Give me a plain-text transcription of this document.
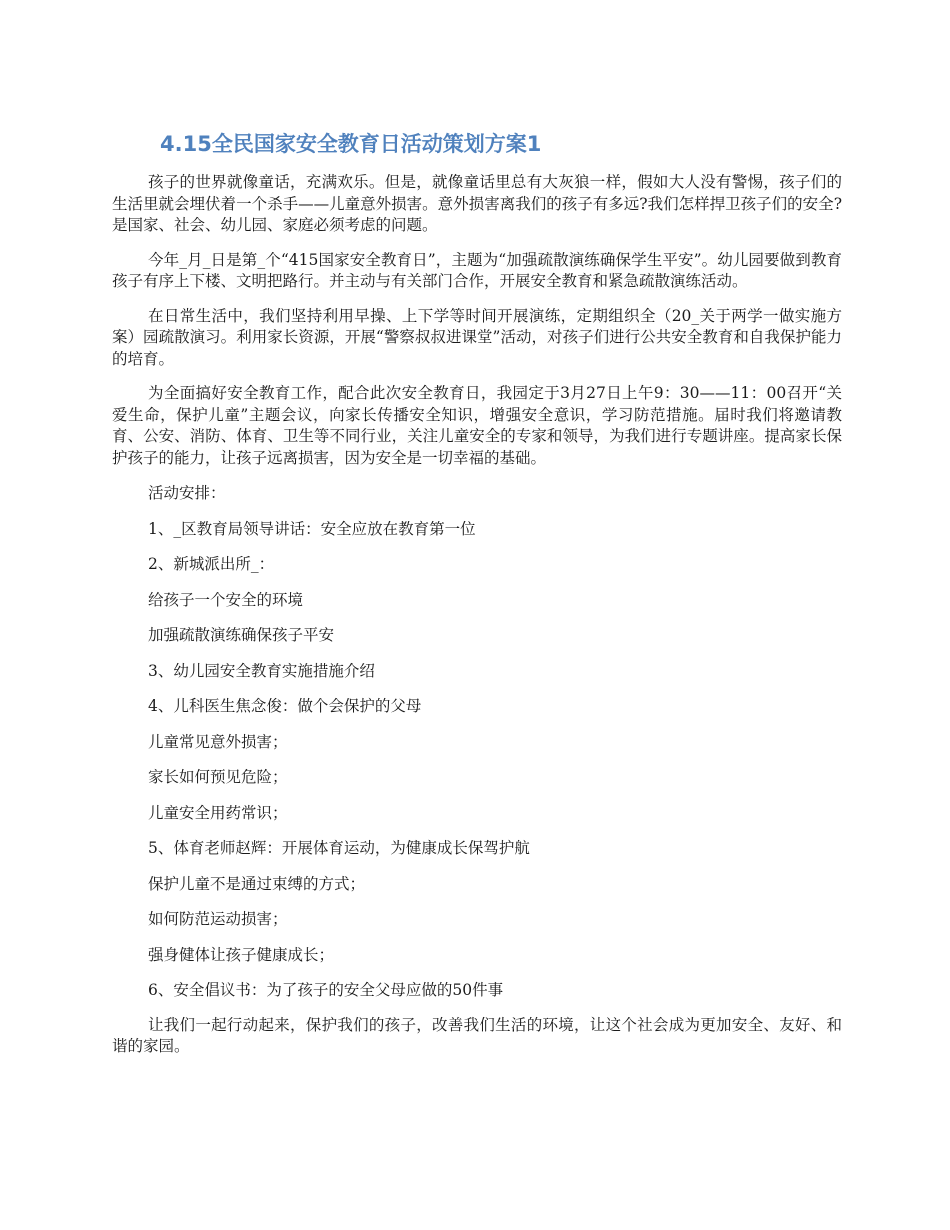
4.15全民国家安全教育日活动策划方案1

孩子的世界就像童话，充满欢乐。但是，就像童话里总有大灰狼一样，假如大人没有警惕，孩子们的生活里就会埋伏着一个杀手——儿童意外损害。意外损害离我们的孩子有多远?我们怎样捍卫孩子们的安全?是国家、社会、幼儿园、家庭必须考虑的问题。

今年_月_日是第_个“415国家安全教育日”，主题为“加强疏散演练确保学生平安”。幼儿园要做到教育孩子有序上下楼、文明把路行。并主动与有关部门合作，开展安全教育和紧急疏散演练活动。

在日常生活中，我们坚持利用早操、上下学等时间开展演练，定期组织全（20_关于两学一做实施方案）园疏散演习。利用家长资源，开展“警察叔叔进课堂”活动，对孩子们进行公共安全教育和自我保护能力的培育。

为全面搞好安全教育工作，配合此次安全教育日，我园定于3月27日上午9：30——11：00召开“关爱生命，保护儿童”主题会议，向家长传播安全知识，增强安全意识，学习防范措施。届时我们将邀请教育、公安、消防、体育、卫生等不同行业，关注儿童安全的专家和领导，为我们进行专题讲座。提高家长保护孩子的能力，让孩子远离损害，因为安全是一切幸福的基础。

活动安排：

1、_区教育局领导讲话：安全应放在教育第一位

2、新城派出所_：

给孩子一个安全的环境

加强疏散演练确保孩子平安

3、幼儿园安全教育实施措施介绍

4、儿科医生焦念俊：做个会保护的父母

儿童常见意外损害；

家长如何预见危险；

儿童安全用药常识；

5、体育老师赵辉：开展体育运动，为健康成长保驾护航

保护儿童不是通过束缚的方式；

如何防范运动损害；

强身健体让孩子健康成长；

6、安全倡议书：为了孩子的安全父母应做的50件事

让我们一起行动起来，保护我们的孩子，改善我们生活的环境，让这个社会成为更加安全、友好、和谐的家园。
